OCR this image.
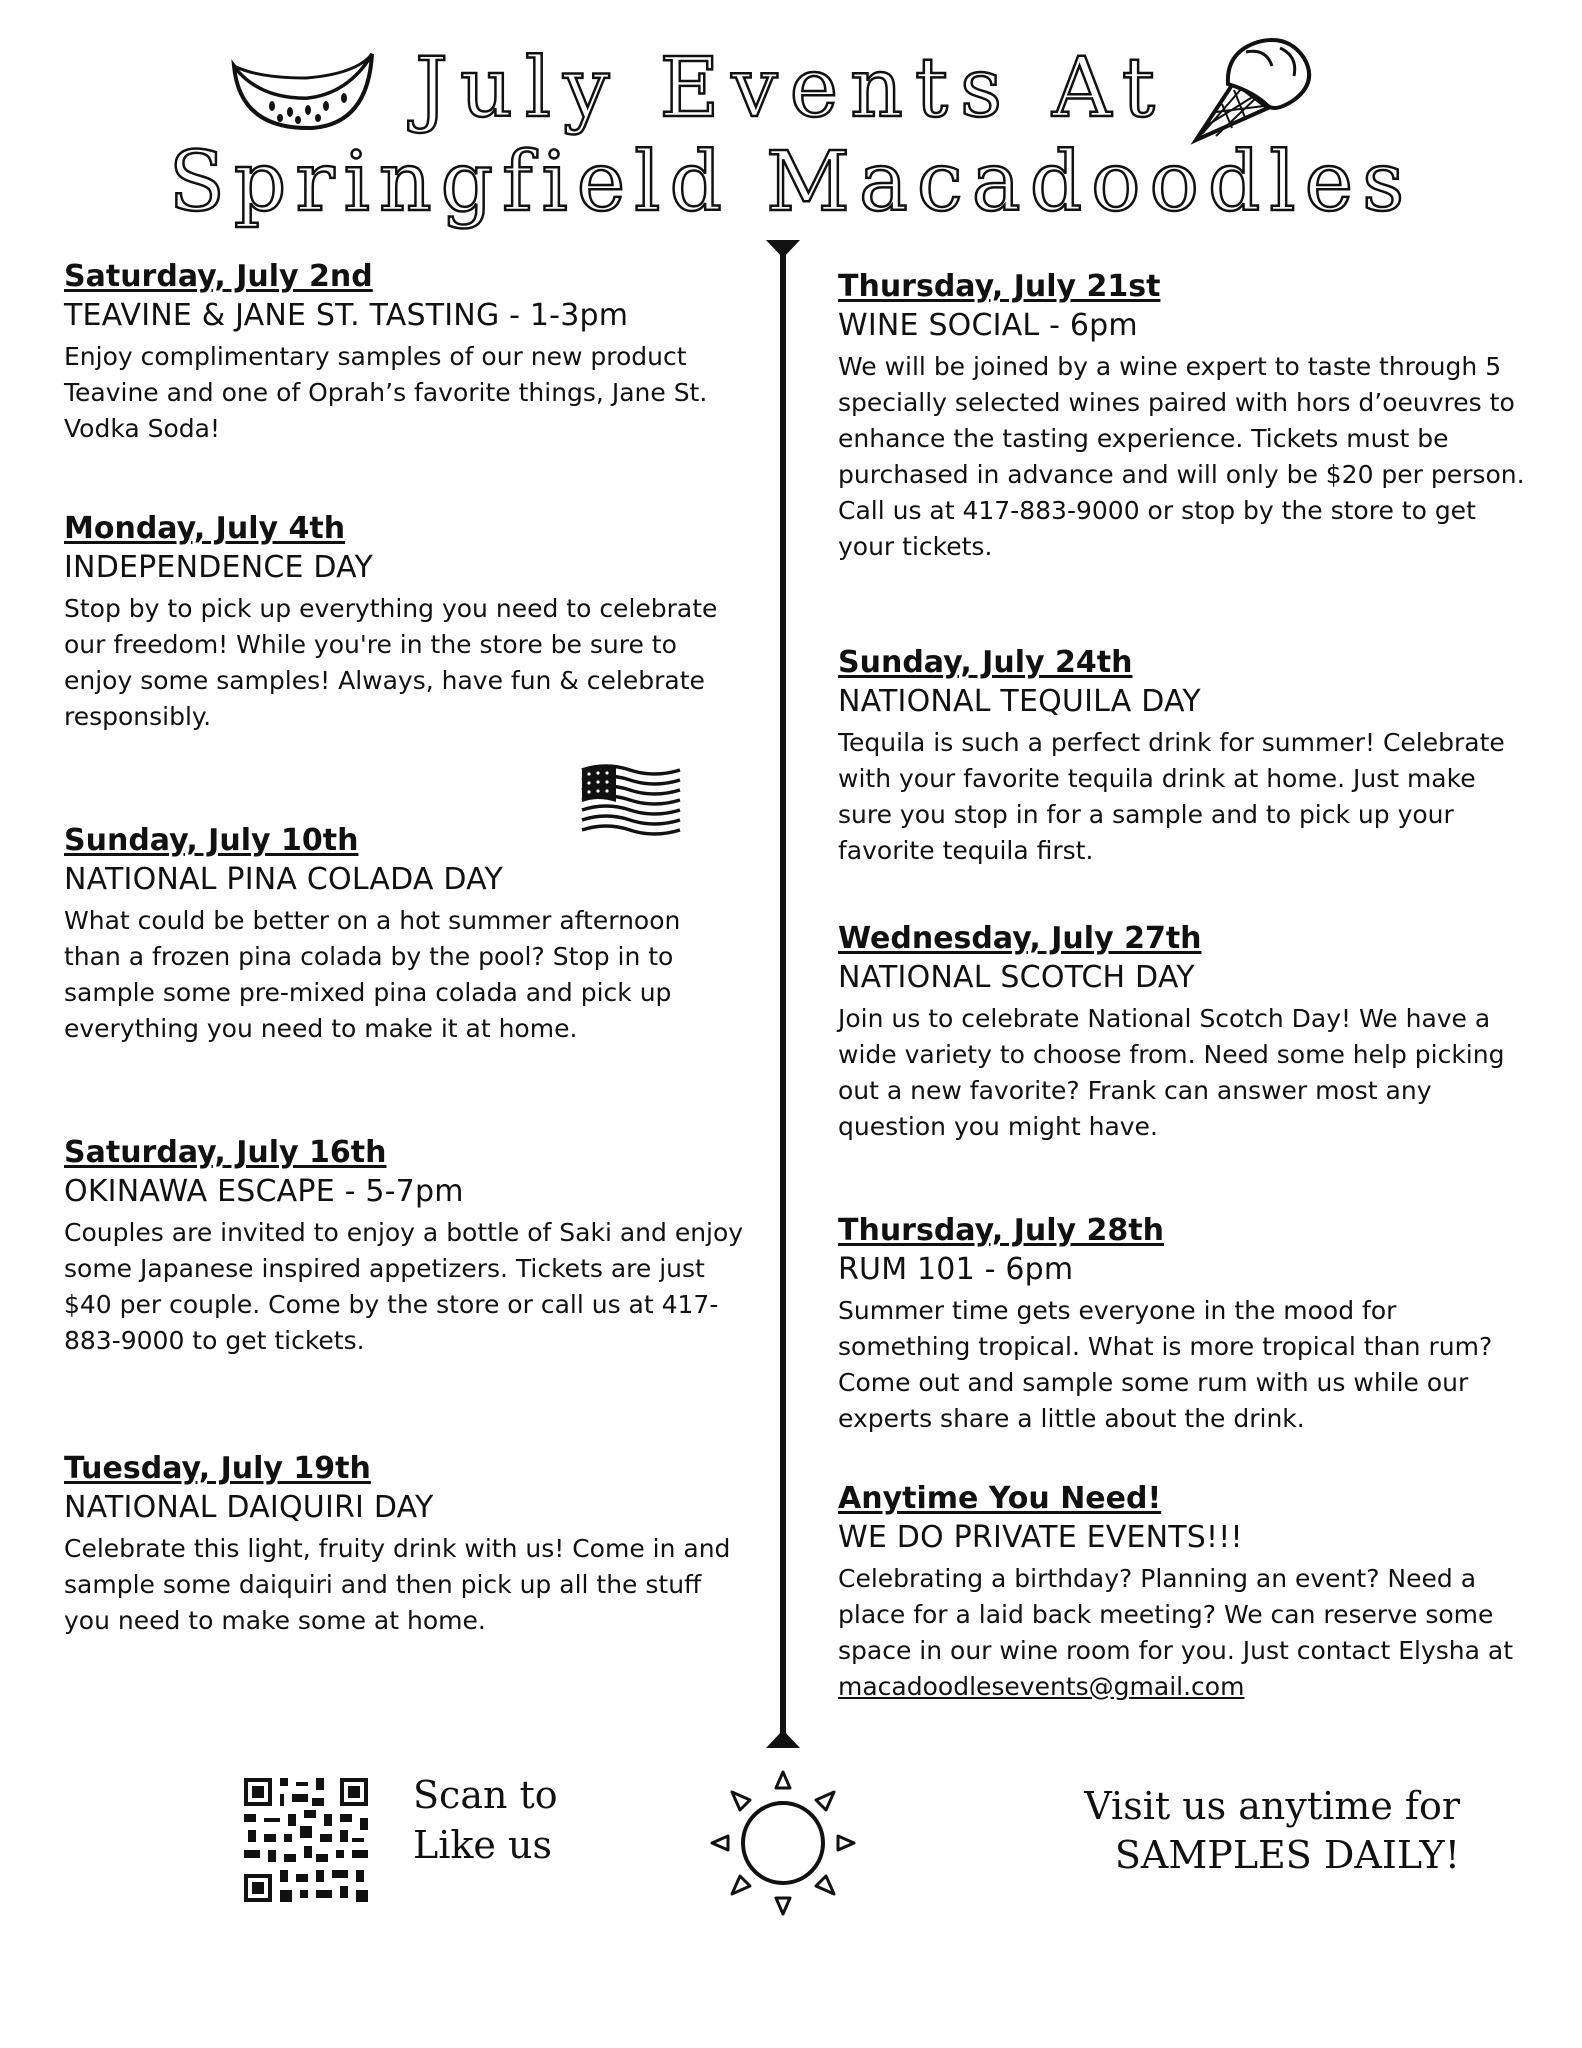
July Events At
Springfield Macadoodles

Saturday, July 2nd

TEAVINE & JANE ST. TASTING - 1-3pm

Enjoy complimentary samples of our new product Teavine and one of Oprah’s favorite things, Jane St. Vodka Soda!

Monday, July 4th

INDEPENDENCE DAY

Stop by to pick up everything you need to celebrate our freedom! While you're in the store be sure to enjoy some samples! Always, have fun & celebrate responsibly.

Sunday, July 10th

NATIONAL PINA COLADA DAY

What could be better on a hot summer afternoon than a frozen pina colada by the pool? Stop in to sample some pre-mixed pina colada and pick up everything you need to make it at home.

Saturday, July 16th

OKINAWA ESCAPE - 5-7pm

Couples are invited to enjoy a bottle of Saki and enjoy some Japanese inspired appetizers. Tickets are just $40 per couple. Come by the store or call us at 417-883-9000 to get tickets.

Tuesday, July 19th

NATIONAL DAIQUIRI DAY

Celebrate this light, fruity drink with us! Come in and sample some daiquiri and then pick up all the stuff you need to make some at home.

Thursday, July 21st

WINE SOCIAL - 6pm

We will be joined by a wine expert to taste through 5 specially selected wines paired with hors d’oeuvres to enhance the tasting experience. Tickets must be purchased in advance and will only be $20 per person. Call us at 417-883-9000 or stop by the store to get your tickets.

Sunday, July 24th

NATIONAL TEQUILA DAY

Tequila is such a perfect drink for summer! Celebrate with your favorite tequila drink at home. Just make sure you stop in for a sample and to pick up your favorite tequila first.

Wednesday, July 27th

NATIONAL SCOTCH DAY

Join us to celebrate National Scotch Day! We have a wide variety to choose from. Need some help picking out a new favorite? Frank can answer most any question you might have.

Thursday, July 28th

RUM 101 - 6pm

Summer time gets everyone in the mood for something tropical. What is more tropical than rum? Come out and sample some rum with us while our experts share a little about the drink.

Anytime You Need!

WE DO PRIVATE EVENTS!!!

Celebrating a birthday? Planning an event? Need a place for a laid back meeting? We can reserve some space in our wine room for you. Just contact Elysha at macadoodlesevents@gmail.com

Scan to
Like us
Visit us anytime for
SAMPLES DAILY!
